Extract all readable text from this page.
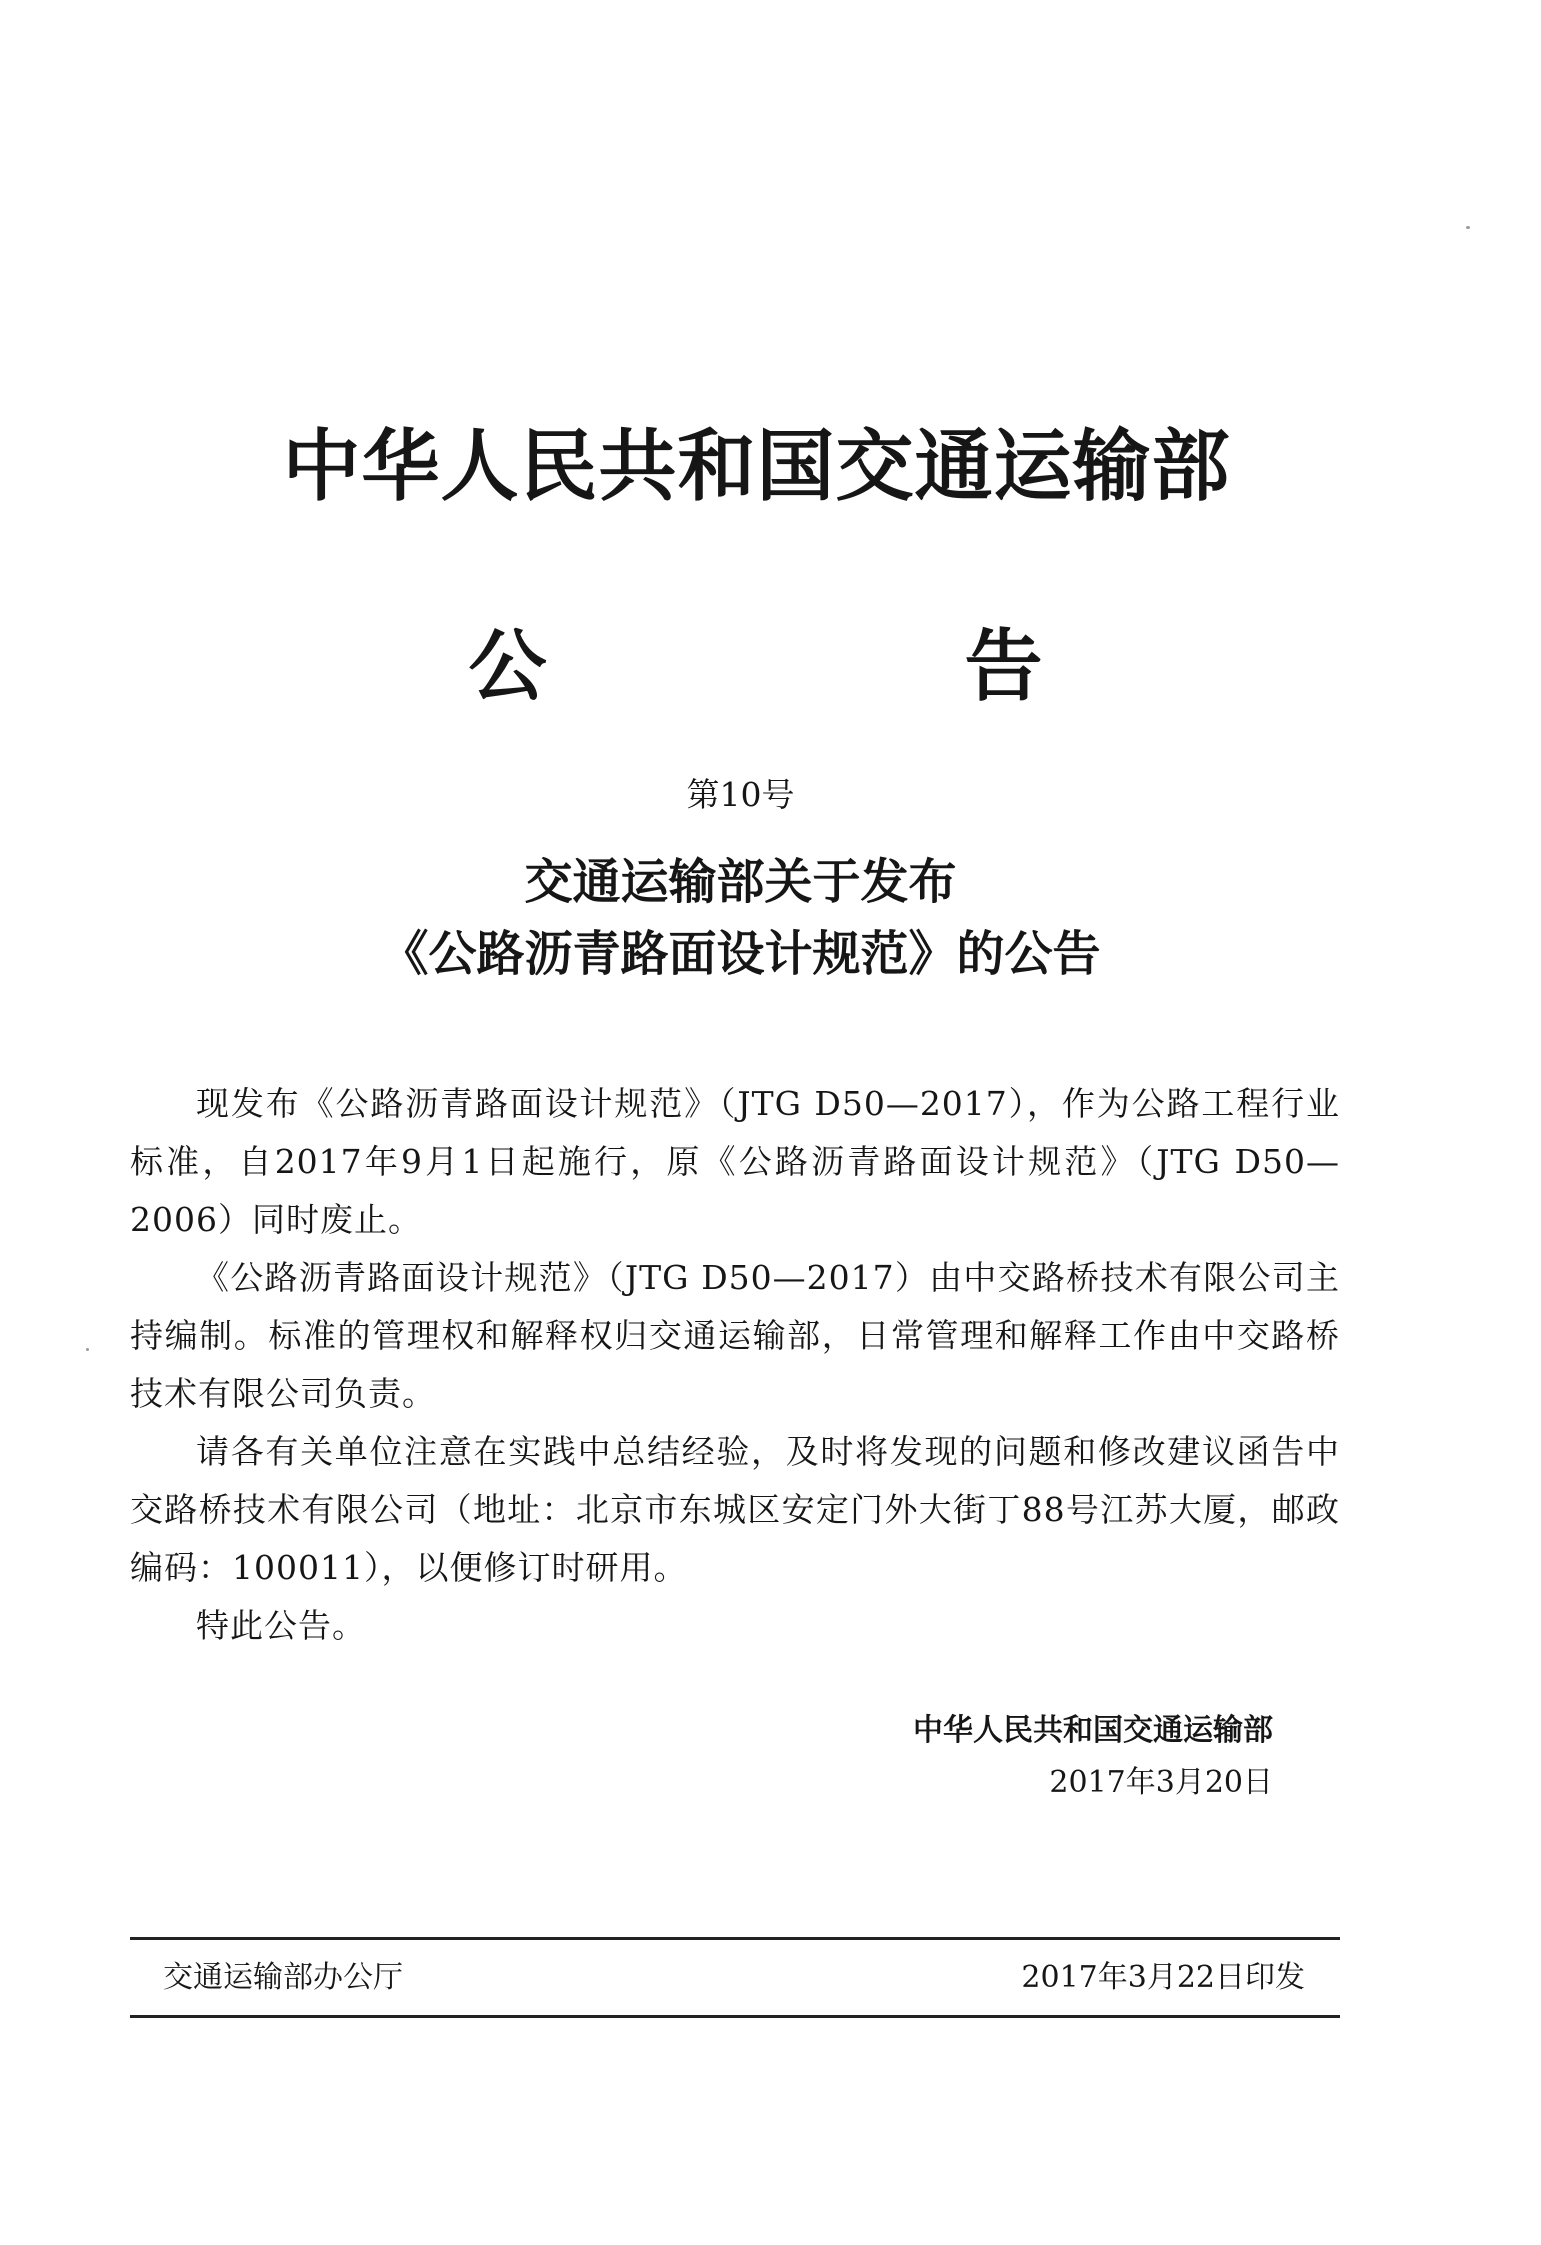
中华人民共和国交通运输部
公　告
第10号
交通运输部关于发布
《公路沥青路面设计规范》的公告

现发布《公路沥青路面设计规范》（JTG D50—2017），作为公路工程行业标准，自2017年9月1日起施行，原《公路沥青路面设计规范》（JTG D50—2006）同时废止。

《公路沥青路面设计规范》（JTG D50—2017）由中交路桥技术有限公司主持编制。标准的管理权和解释权归交通运输部，日常管理和解释工作由中交路桥技术有限公司负责。

请各有关单位注意在实践中总结经验，及时将发现的问题和修改建议函告中交路桥技术有限公司（地址：北京市东城区安定门外大街丁88号江苏大厦，邮政编码：100011），以便修订时研用。

特此公告。

中华人民共和国交通运输部
2017年3月20日
交通运输部办公厅	2017年3月22日印发
